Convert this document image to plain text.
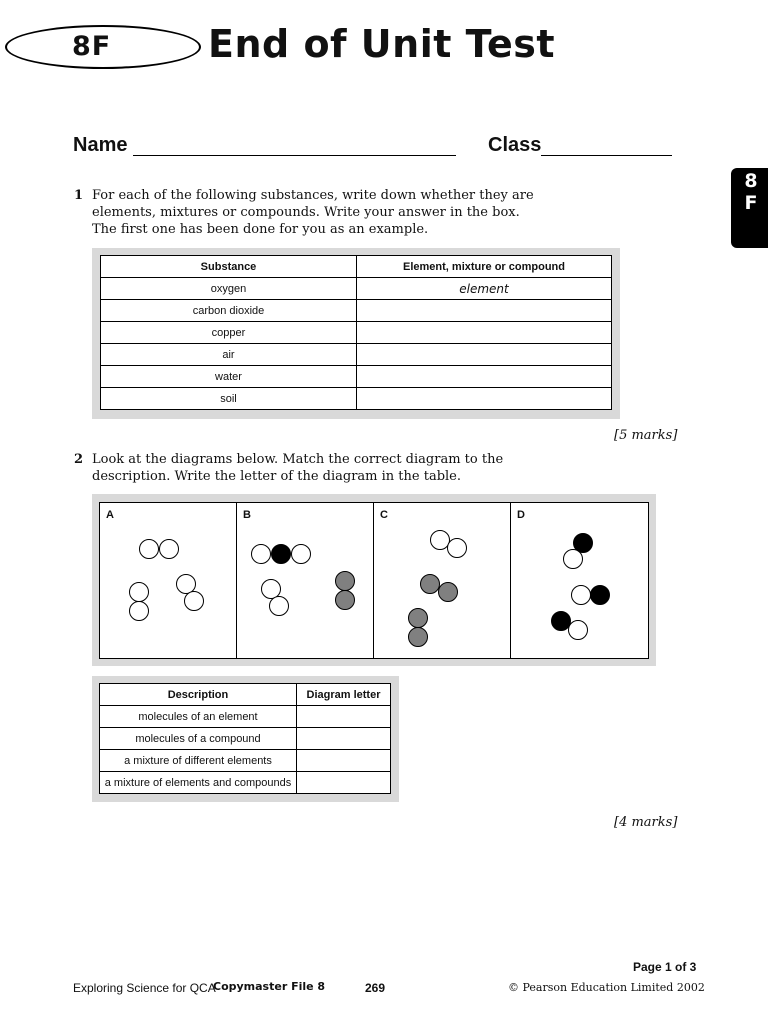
8F	End of Unit Test
Name	Class
8
F
1 For each of the following substances, write down whether they are
elements, mixtures or compounds. Write your answer in the box.
The first one has been done for you as an example.
Substance	Element, mixture or compound
oxygen	element
carbon dioxide	
copper	
air	
water	
soil	
[5 marks]
2 Look at the diagrams below. Match the correct diagram to the
description. Write the letter of the diagram in the table.
A	B	C	D
Description	Diagram letter
molecules of an element	
molecules of a compound	
a mixture of different elements	
a mixture of elements and compounds	
[4 marks]
Page 1 of 3
Exploring Science for QCA
Copymaster File 8	269	© Pearson Education Limited 2002
